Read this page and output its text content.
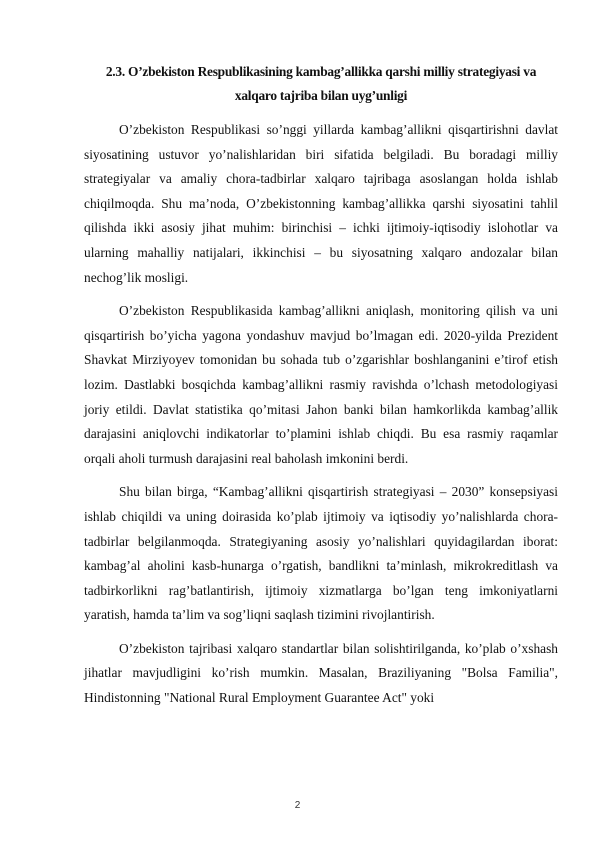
2.3. O’zbekiston Respublikasining kambag’allikka qarshi milliy strategiyasi va xalqaro tajriba bilan uyg’unligi

O’zbekiston Respublikasi so’nggi yillarda kambag’allikni qisqartirishni davlat siyosatining ustuvor yo’nalishlaridan biri sifatida belgiladi. Bu boradagi milliy strategiyalar va amaliy chora-tadbirlar xalqaro tajribaga asoslangan holda ishlab chiqilmoqda. Shu ma’noda, O’zbekistonning kambag’allikka qarshi siyosatini tahlil qilishda ikki asosiy jihat muhim: birinchisi – ichki ijtimoiy-iqtisodiy islohotlar va ularning mahalliy natijalari, ikkinchisi – bu siyosatning xalqaro andozalar bilan nechog’lik mosligi.

O’zbekiston Respublikasida kambag’allikni aniqlash, monitoring qilish va uni qisqartirish bo’yicha yagona yondashuv mavjud bo’lmagan edi. 2020-yilda Prezident Shavkat Mirziyoyev tomonidan bu sohada tub o’zgarishlar boshlanganini e’tirof etish lozim. Dastlabki bosqichda kambag’allikni rasmiy ravishda o’lchash metodologiyasi joriy etildi. Davlat statistika qo’mitasi Jahon banki bilan hamkorlikda kambag’allik darajasini aniqlovchi indikatorlar to’plamini ishlab chiqdi. Bu esa rasmiy raqamlar orqali aholi turmush darajasini real baholash imkonini berdi.

Shu bilan birga, “Kambag’allikni qisqartirish strategiyasi – 2030” konsepsiyasi ishlab chiqildi va uning doirasida ko’plab ijtimoiy va iqtisodiy yo’nalishlarda chora-tadbirlar belgilanmoqda. Strategiyaning asosiy yo’nalishlari quyidagilardan iborat: kambag’al aholini kasb-hunarga o’rgatish, bandlikni ta’minlash, mikrokreditlash va tadbirkorlikni rag’batlantirish, ijtimoiy xizmatlarga bo’lgan teng imkoniyatlarni yaratish, hamda ta’lim va sog’liqni saqlash tizimini rivojlantirish.

O’zbekiston tajribasi xalqaro standartlar bilan solishtirilganda, ko’plab o’xshash jihatlar mavjudligini ko’rish mumkin. Masalan, Braziliyaning "Bolsa Familia", Hindistonning "National Rural Employment Guarantee Act" yoki

2
